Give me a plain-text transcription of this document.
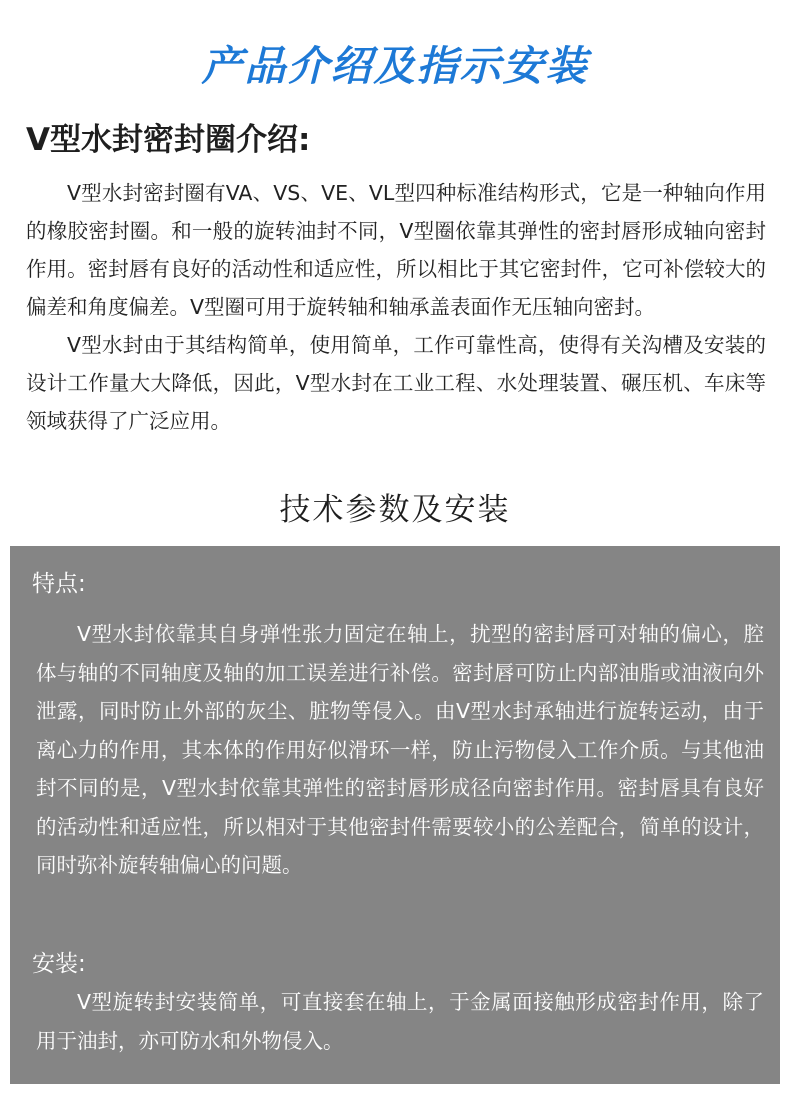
产品介绍及指示安装
V型水封密封圈介绍:

V型水封密封圈有VA、VS、VE、VL型四种标准结构形式，它是一种轴向作用的橡胶密封圈。和一般的旋转油封不同，V型圈依靠其弹性的密封唇形成轴向密封作用。密封唇有良好的活动性和适应性，所以相比于其它密封件，它可补偿较大的偏差和角度偏差。V型圈可用于旋转轴和轴承盖表面作无压轴向密封。

V型水封由于其结构简单，使用简单，工作可靠性高，使得有关沟槽及安装的设计工作量大大降低，因此，V型水封在工业工程、水处理装置、碾压机、车床等领域获得了广泛应用。

技术参数及安装
特点:

V型水封依靠其自身弹性张力固定在轴上，扰型的密封唇可对轴的偏心，腔体与轴的不同轴度及轴的加工误差进行补偿。密封唇可防止内部油脂或油液向外泄露，同时防止外部的灰尘、脏物等侵入。由V型水封承轴进行旋转运动，由于离心力的作用，其本体的作用好似滑环一样，防止污物侵入工作介质。与其他油封不同的是，V型水封依靠其弹性的密封唇形成径向密封作用。密封唇具有良好的活动性和适应性，所以相对于其他密封件需要较小的公差配合，简单的设计，同时弥补旋转轴偏心的问题。

安装:

V型旋转封安装简单，可直接套在轴上，于金属面接触形成密封作用，除了用于油封，亦可防水和外物侵入。
